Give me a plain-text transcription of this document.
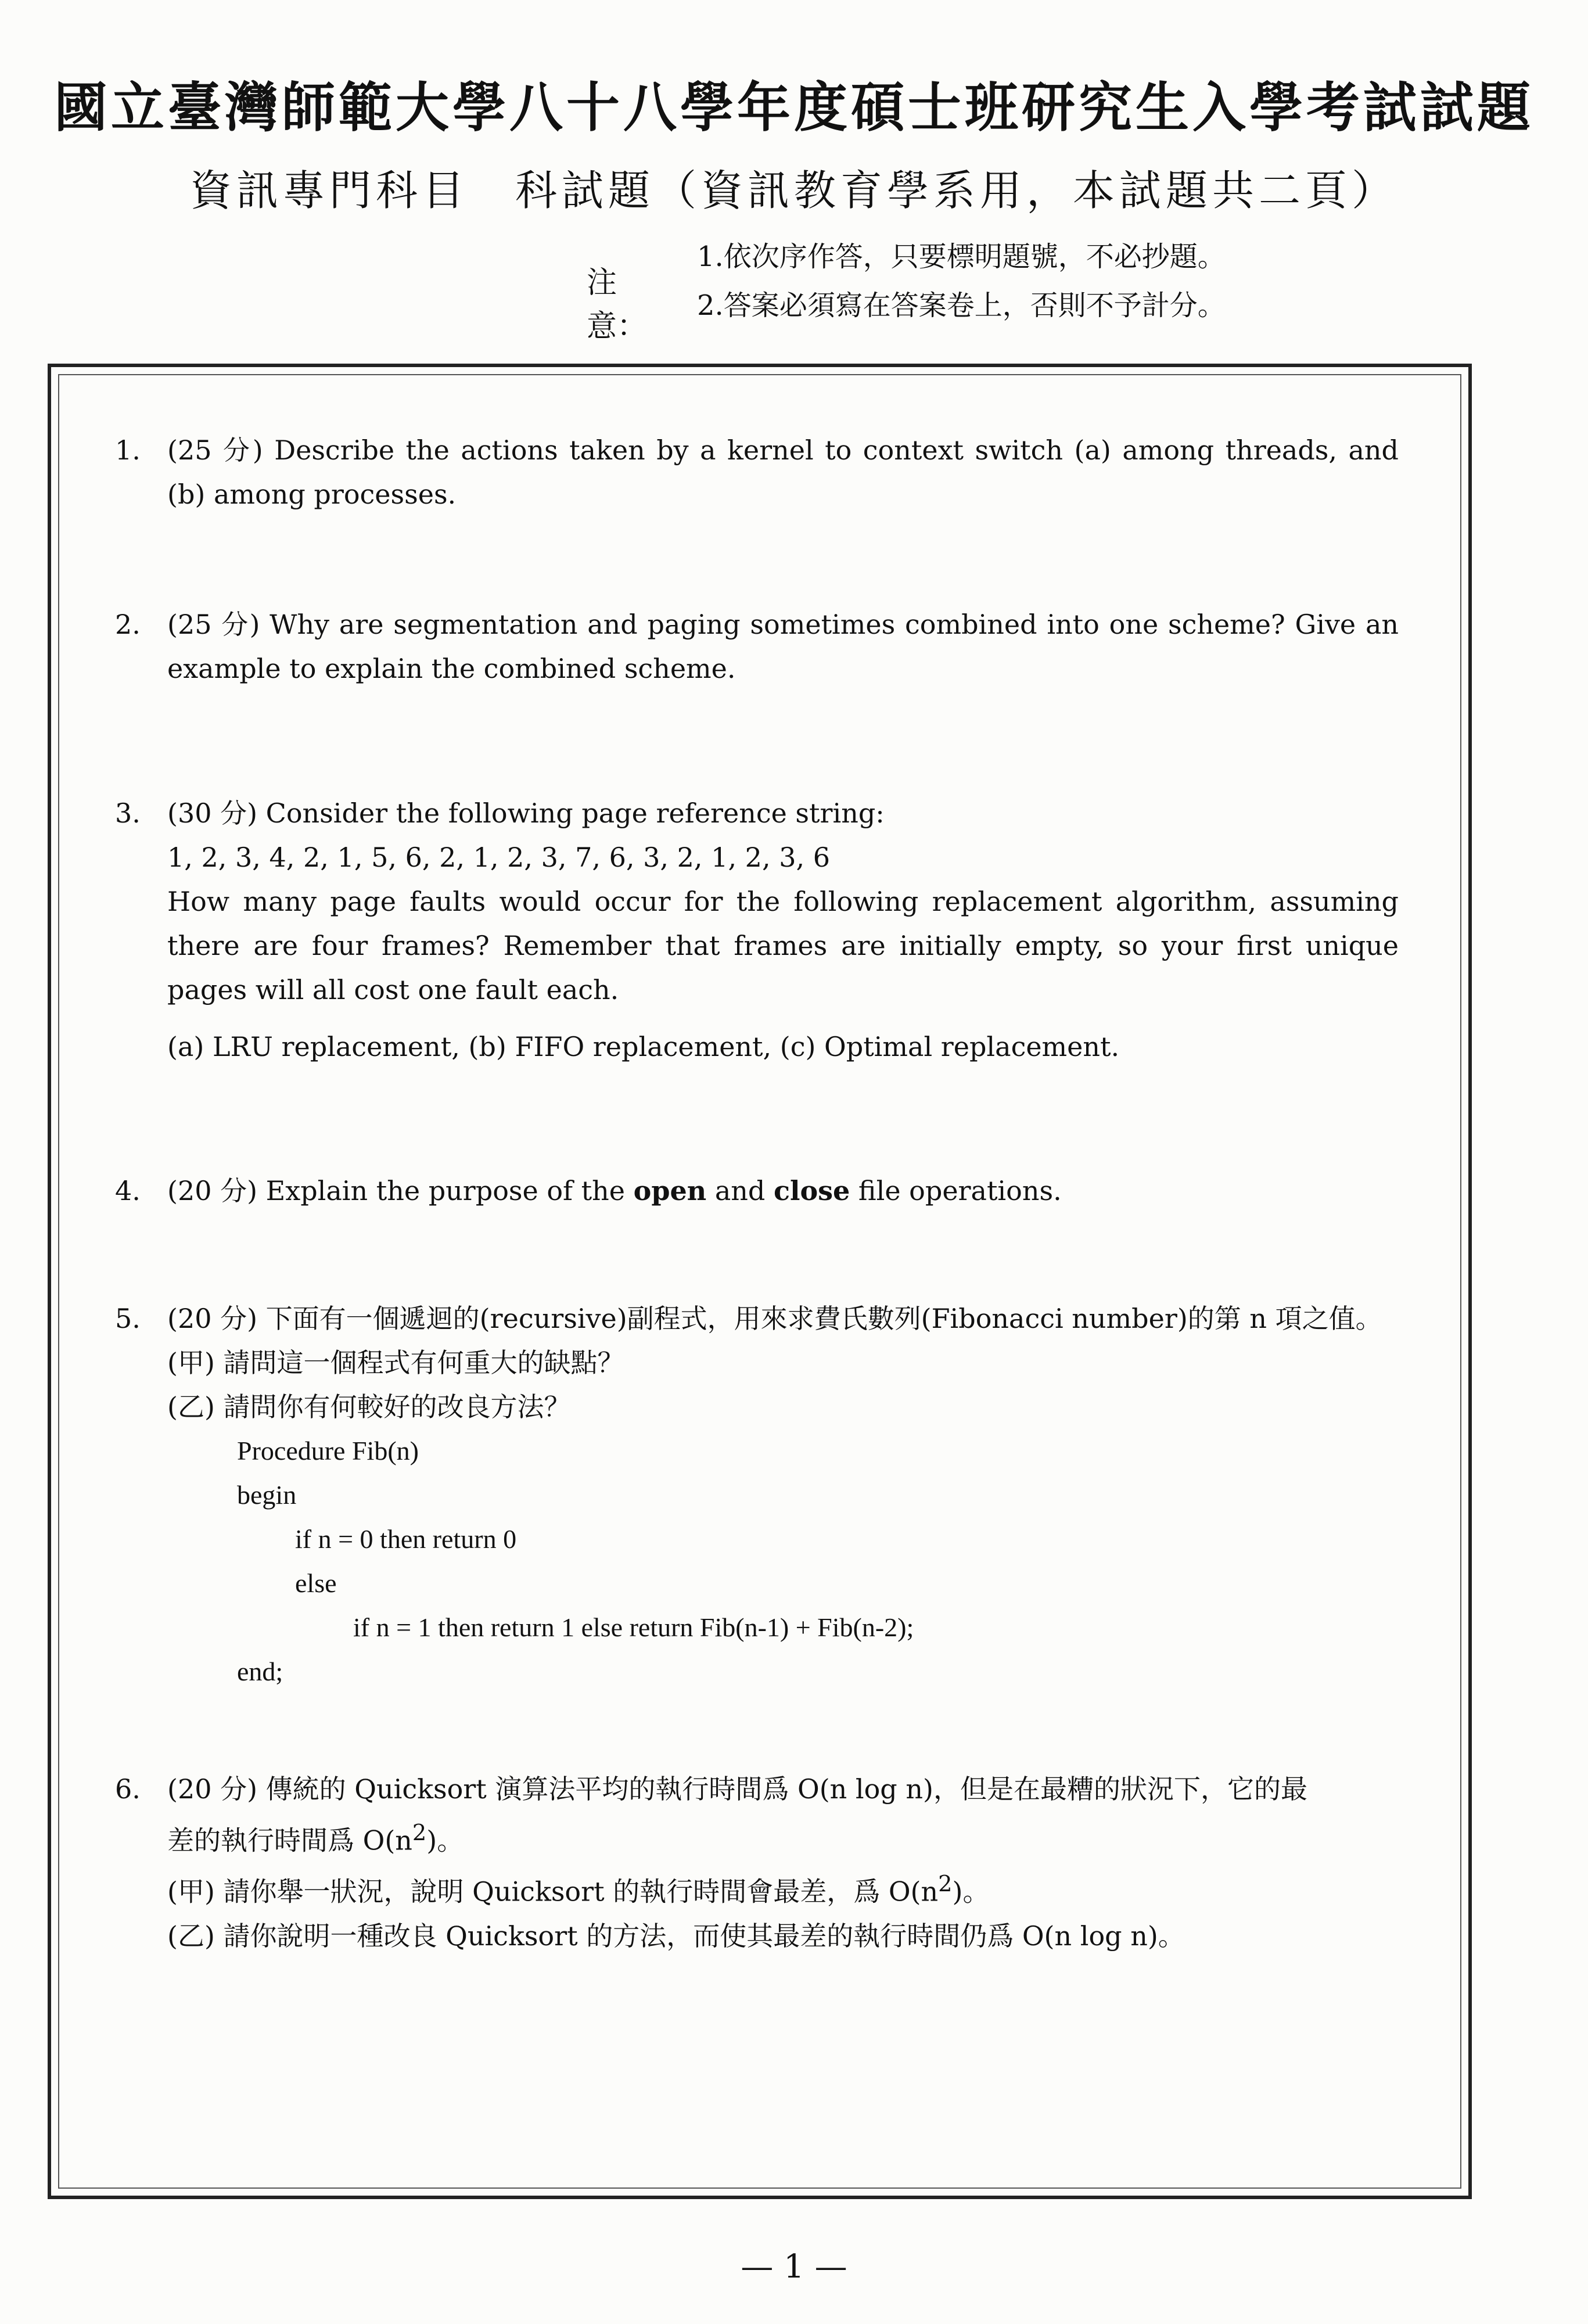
國立臺灣師範大學八十八學年度碩士班研究生入學考試試題
資訊專門科目　科試題（資訊教育學系用，本試題共二頁）
注意：
1.依次序作答，只要標明題號，不必抄題。
2.答案必須寫在答案卷上，否則不予計分。
1. (25 分) Describe the actions taken by a kernel to context switch (a) among threads, and (b) among processes.
2. (25 分) Why are segmentation and paging sometimes combined into one scheme? Give an example to explain the combined scheme.
3. (30 分) Consider the following page reference string:
1, 2, 3, 4, 2, 1, 5, 6, 2, 1, 2, 3, 7, 6, 3, 2, 1, 2, 3, 6
How many page faults would occur for the following replacement algorithm, assuming there are four frames? Remember that frames are initially empty, so your first unique pages will all cost one fault each.
(a) LRU replacement, (b) FIFO replacement, (c) Optimal replacement.
4. (20 分) Explain the purpose of the open and close file operations.
5. (20 分) 下面有一個遞迴的(recursive)副程式，用來求費氏數列(Fibonacci number)的第 n 項之值。
(甲) 請問這一個程式有何重大的缺點？
(乙) 請問你有何較好的改良方法？
Procedure Fib(n)
begin
if n = 0 then return 0
else
if n = 1 then return 1 else return Fib(n-1) + Fib(n-2);
end;
6. (20 分) 傳統的 Quicksort 演算法平均的執行時間爲 O(n log n)，但是在最糟的狀況下，它的最
差的執行時間爲 $O(n^2)$。
(甲) 請你舉一狀況，說明 Quicksort 的執行時間會最差，爲 $O(n^2)$。
(乙) 請你說明一種改良 Quicksort 的方法，而使其最差的執行時間仍爲 O(n log n)。
— 1 —
